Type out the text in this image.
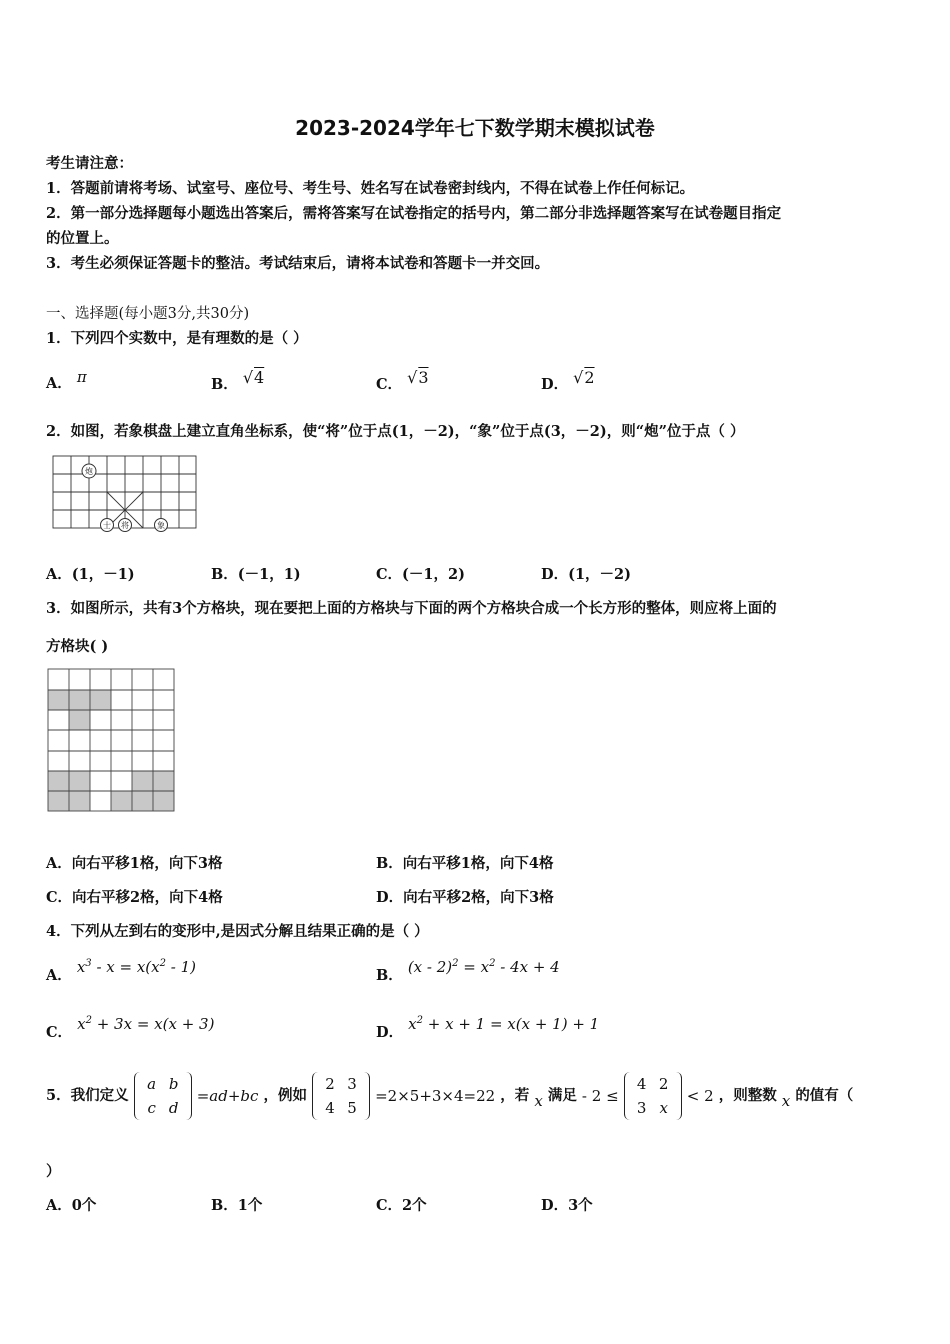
2023-2024学年七下数学期末模拟试卷
考生请注意：
1．答题前请将考场、试室号、座位号、考生号、姓名写在试卷密封线内，不得在试卷上作任何标记。
2．第一部分选择题每小题选出答案后，需将答案写在试卷指定的括号内，第二部分非选择题答案写在试卷题目指定
的位置上。
3．考生必须保证答题卡的整洁。考试结束后，请将本试卷和答题卡一并交回。
一、选择题(每小题3分,共30分)
1．下列四个实数中，是有理数的是（ ）
A． π	B． √4	C． √3	D． √2
2．如图，若象棋盘上建立直角坐标系，使“将”位于点(1，－2)，“象”位于点(3，－2)，则“炮”位于点（ ）
炮
士 将	象
A．(1，－1)	B．(－1，1)	C．(－1，2)	D．(1，－2)
3．如图所示，共有3个方格块，现在要把上面的方格块与下面的两个方格块合成一个长方形的整体，则应将上面的
方格块( )
A．向右平移1格，向下3格	B．向右平移1格，向下4格
C．向右平移2格，向下4格	D．向右平移2格，向下3格
4．下列从左到右的变形中,是因式分解且结果正确的是（ ）
A． $x^3 - x = x(x^2 - 1)$	B． $(x - 2)^2 = x^2 - 4x + 4$
C． $x^2 + 3x = x(x + 3)$	D． $x^2 + x + 1 = x(x + 1) + 1$
5．我们定义
a b
c d
=ad+bc ，例如
2 3
4 5
=2×5+3×4=22 ，若 x 满足 - 2 ≤
4 2
3 x
< 2 ，则整数 x 的值有（
）
A．0个	B．1个	C．2个	D．3个
